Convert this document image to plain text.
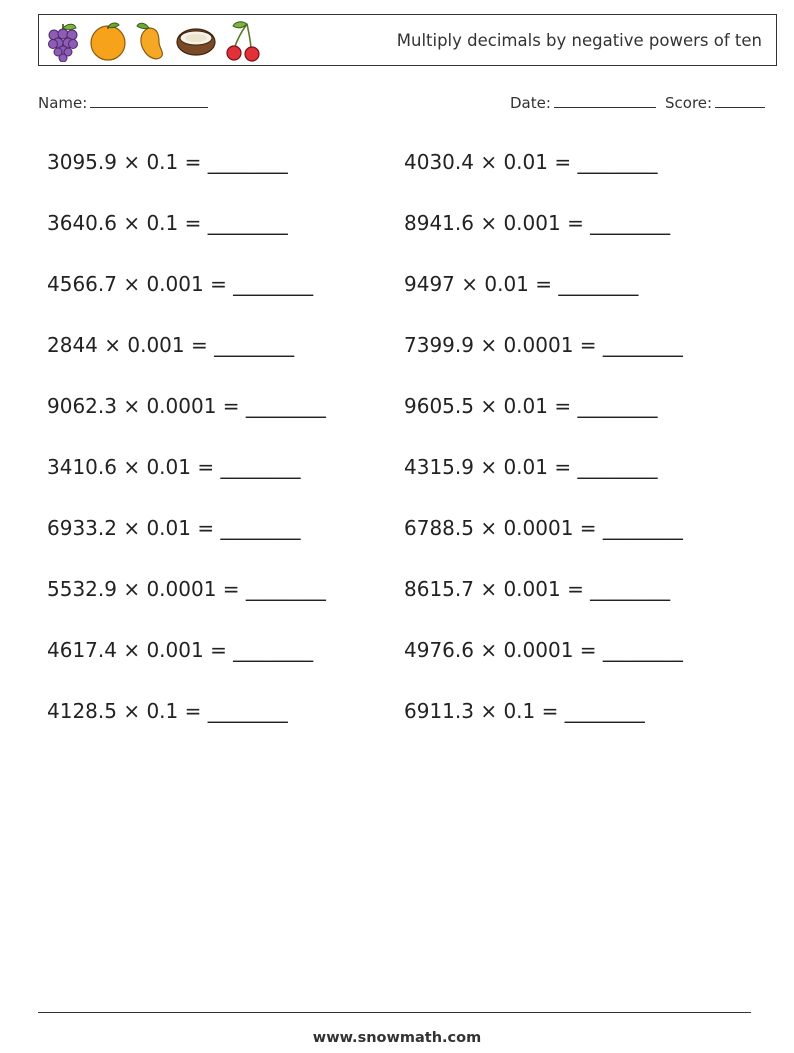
Multiply decimals by negative powers of ten
Name:	Date:	Score:
3095.9 × 0.1 = ________
3640.6 × 0.1 = ________
4566.7 × 0.001 = ________
2844 × 0.001 = ________
9062.3 × 0.0001 = ________
3410.6 × 0.01 = ________
6933.2 × 0.01 = ________
5532.9 × 0.0001 = ________
4617.4 × 0.001 = ________
4128.5 × 0.1 = ________
4030.4 × 0.01 = ________
8941.6 × 0.001 = ________
9497 × 0.01 = ________
7399.9 × 0.0001 = ________
9605.5 × 0.01 = ________
4315.9 × 0.01 = ________
6788.5 × 0.0001 = ________
8615.7 × 0.001 = ________
4976.6 × 0.0001 = ________
6911.3 × 0.1 = ________
www.snowmath.com
